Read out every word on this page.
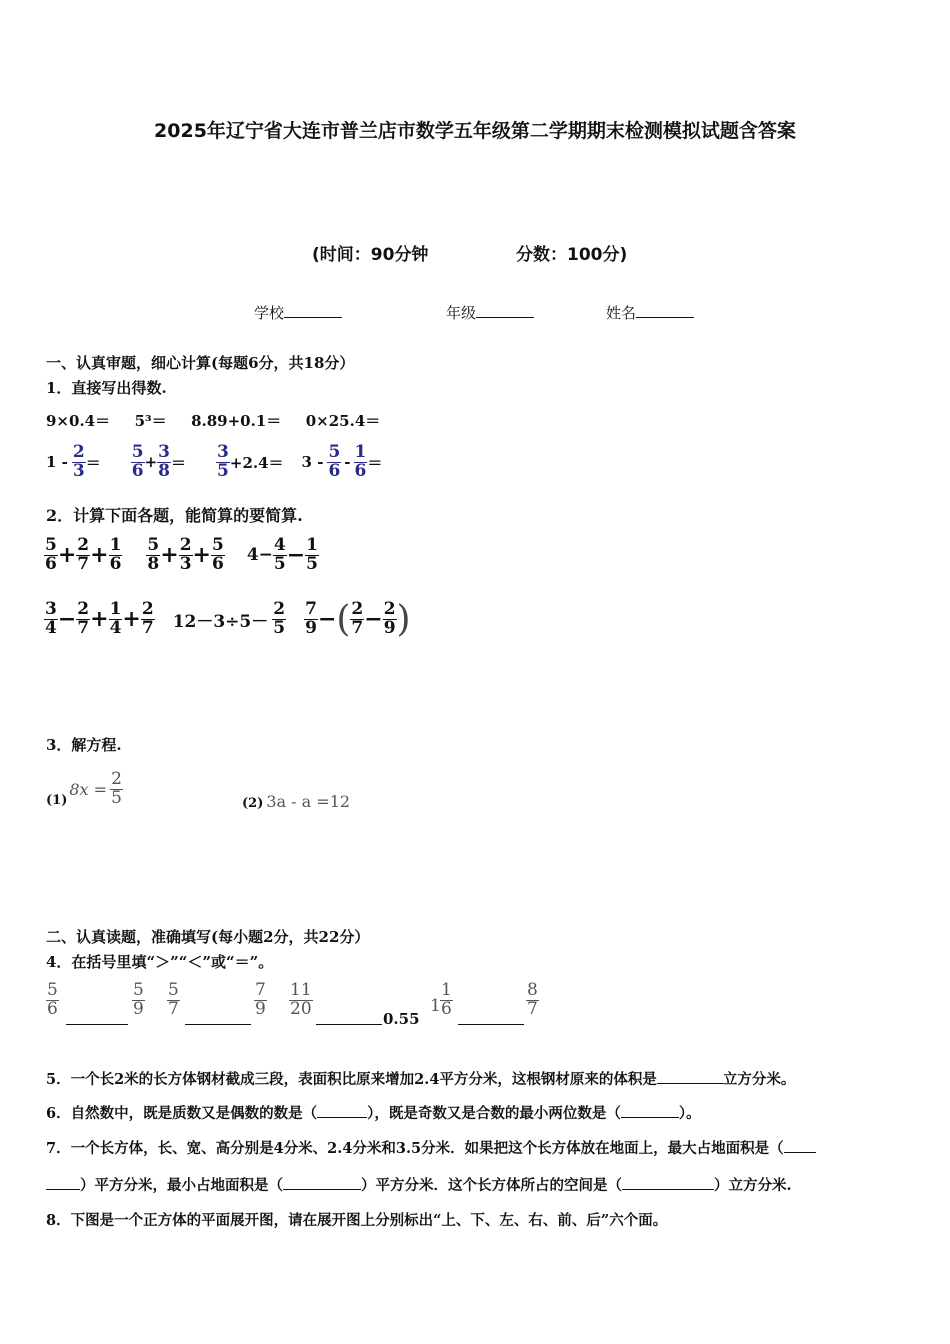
2025年辽宁省大连市普兰店市数学五年级第二学期期末检测模拟试题含答案
(时间：90分钟	分数：100分)
学校	年级	姓名
一、认真审题，细心计算(每题6分，共18分）
1．直接写出得数.
9×0.4＝ 5³＝ 8.89+0.1＝ 0×25.4＝
$1 - \frac{2}{3} = \frac{5}{6} + \frac{3}{8} = \frac{3}{5} +2.4= 3 - \frac{5}{6} - \frac{1}{6}$ ＝
2．计算下面各题，能简算的要简算.
$\frac{5}{6} + \frac{2}{7} + \frac{1}{6} \frac{5}{8} + \frac{2}{3} + \frac{5}{6} 4- \frac{4}{5} - \frac{1}{5}$
$\frac{3}{4} - \frac{2}{7} + \frac{1}{4} + \frac{2}{7} 12-3\div 5- \frac{2}{5} \frac{7}{9}$ − ( $\frac{2}{7} - \frac{2}{9}$ )
3．解方程.
(1)
$8x = \frac{2}{5}$	(2) 3a - a =12
二、认真读题，准确填写(每小题2分，共22分）
4．在括号里填“＞”“＜”或“＝”。
$\frac{5}{6}$	$\frac{5}{9} \frac{5}{7}$	$\frac{7}{9} \frac{11}{20}$
0.55
$1 \frac{1}{6}$	$\frac{8}{7}$
5．一个长2米的长方体钢材截成三段，表面积比原来增加2.4平方分米，这根钢材原来的体积是	立方分米。
6．自然数中，既是质数又是偶数的数是（	），既是奇数又是合数的最小两位数是（	）。
7．一个长方体，长、宽、高分别是4分米、2.4分米和3.5分米．如果把这个长方体放在地面上，最大占地面积是（
）平方分米，最小占地面积是（	）平方分米．这个长方体所占的空间是（	）立方分米.
8．下图是一个正方体的平面展开图，请在展开图上分别标出“上、下、左、右、前、后”六个面。
